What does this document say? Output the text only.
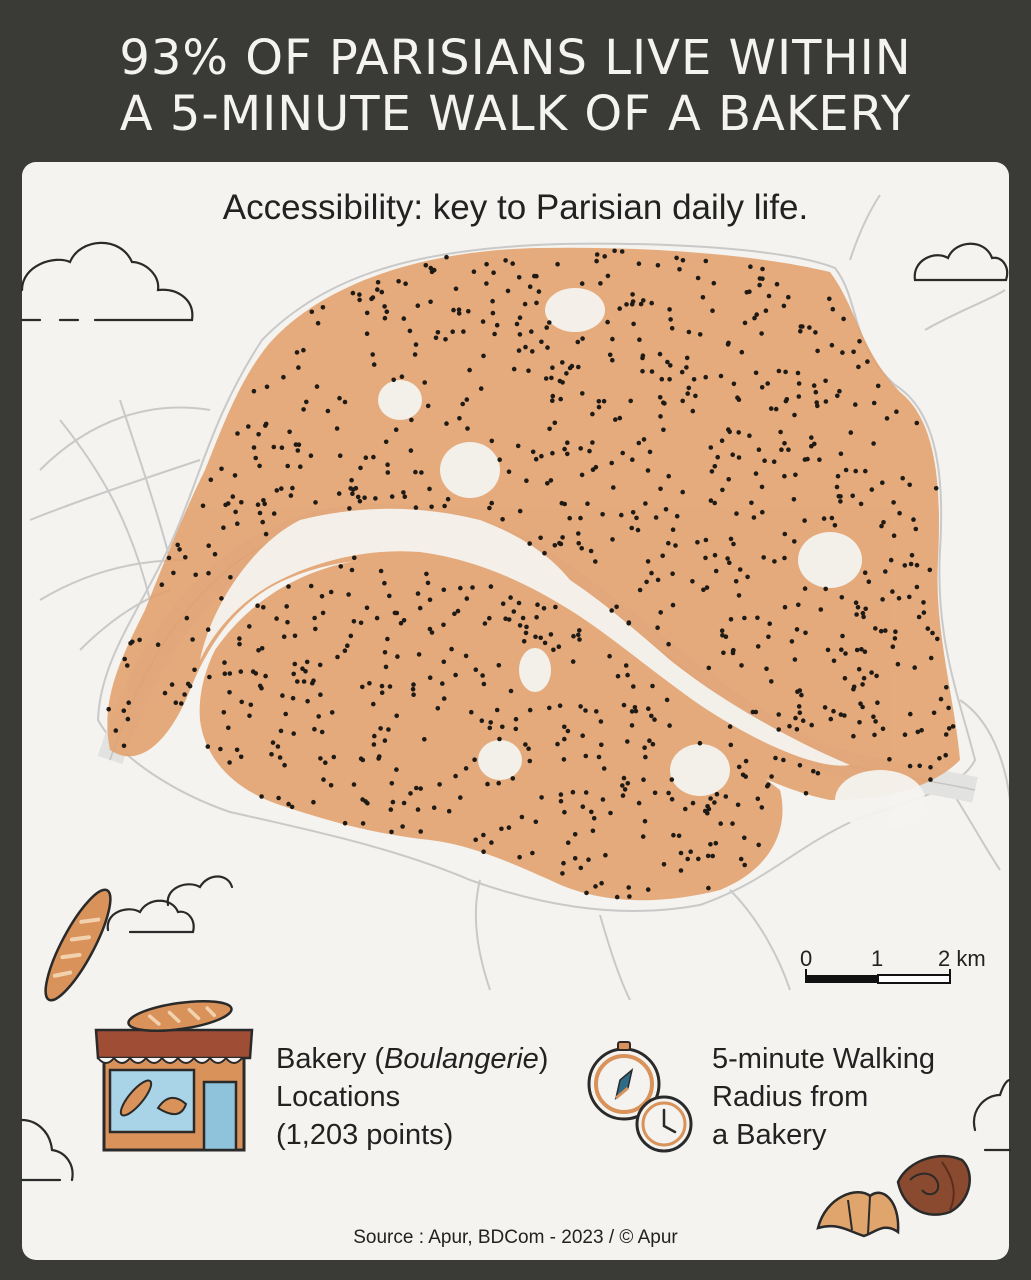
93% OF PARISIANS LIVE WITHIN
A 5-MINUTE WALK OF A BAKERY
Accessibility: key to Parisian daily life.
0	1 2 km
Bakery (Boulangerie)
Locations
(1,203 points)
5-minute Walking
Radius from
a Bakery
Source : Apur, BDCom - 2023 / © Apur
